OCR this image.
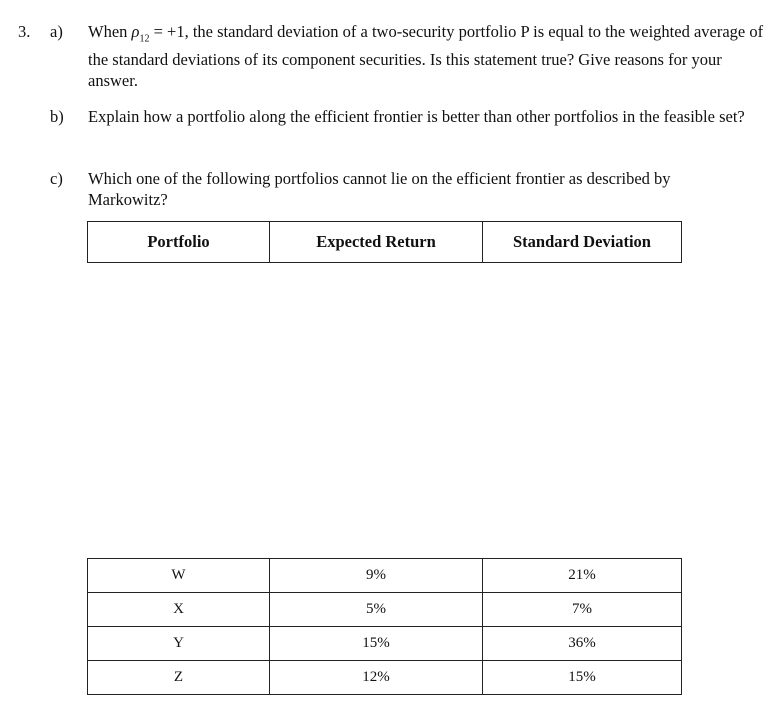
3. a) When $\rho_{12} = +1$, the standard deviation of a two-security portfolio P is equal to the weighted average of the standard deviations of its component securities. Is this statement true? Give reasons for your answer.
b) Explain how a portfolio along the efficient frontier is better than other portfolios in the feasible set?
c) Which one of the following portfolios cannot lie on the efficient frontier as described by Markowitz?
Portfolio	Expected Return	Standard Deviation
W	9%	21%
X	5%	7%
Y	15%	36%
Z	12%	15%
